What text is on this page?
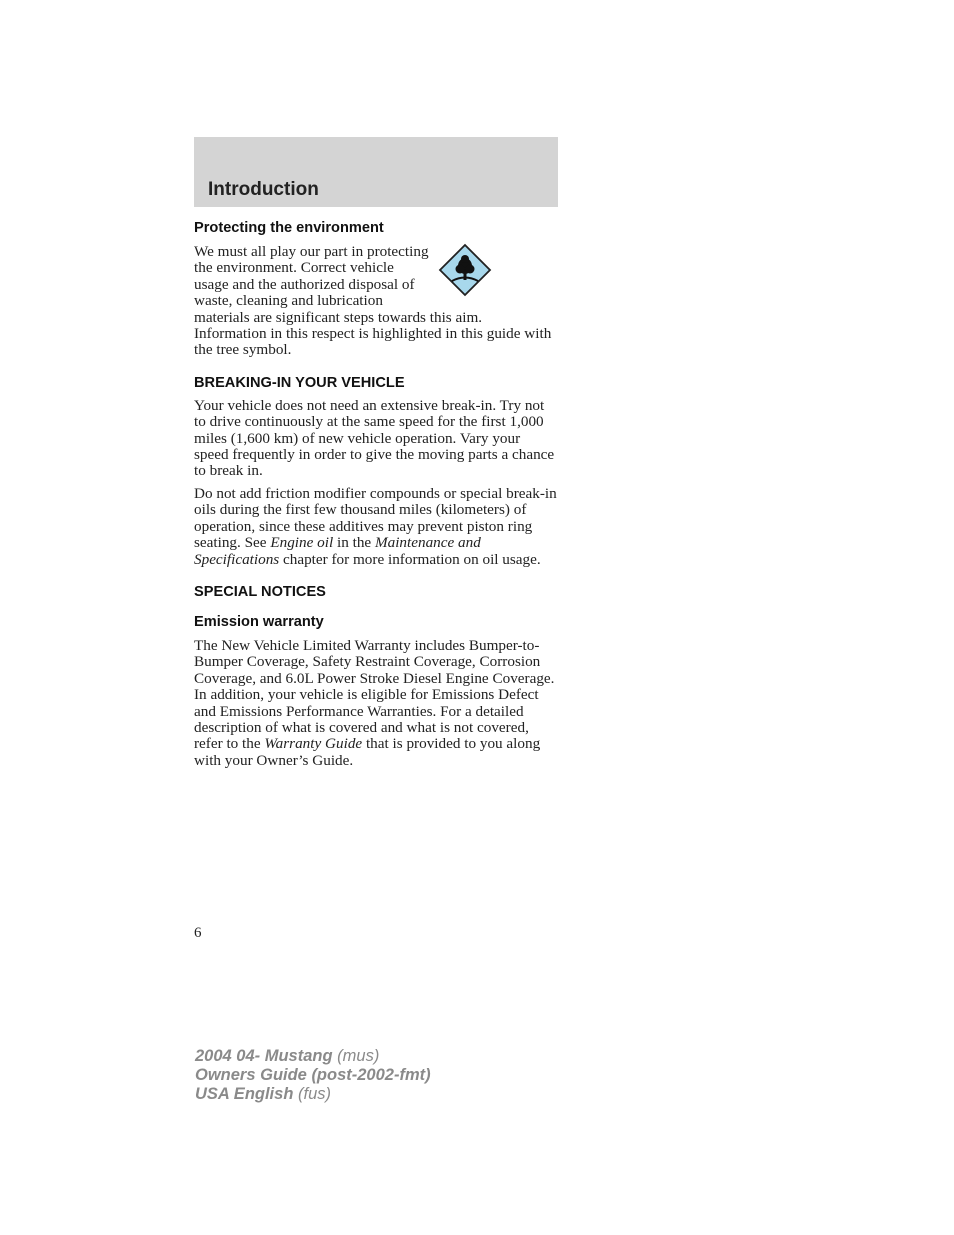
Introduction
Protecting the environment

We must all play our part in protecting the environment. Correct vehicle usage and the authorized disposal of waste, cleaning and lubrication materials are significant steps towards this aim. Information in this respect is highlighted in this guide with the tree symbol.

BREAKING-IN YOUR VEHICLE

Your vehicle does not need an extensive break-in. Try not to drive continuously at the same speed for the first 1,000 miles (1,600 km) of new vehicle operation. Vary your speed frequently in order to give the moving parts a chance to break in.

Do not add friction modifier compounds or special break-in oils during the first few thousand miles (kilometers) of operation, since these additives may prevent piston ring seating. See Engine oil in the Maintenance and Specifications chapter for more information on oil usage.

SPECIAL NOTICES
Emission warranty

The New Vehicle Limited Warranty includes Bumper-to-Bumper Coverage, Safety Restraint Coverage, Corrosion Coverage, and 6.0L Power Stroke Diesel Engine Coverage. In addition, your vehicle is eligible for Emissions Defect and Emissions Performance Warranties. For a detailed description of what is covered and what is not covered, refer to the Warranty Guide that is provided to you along with your Owner’s Guide.

6
2004 04- Mustang (mus)
Owners Guide (post-2002-fmt)
USA English (fus)
